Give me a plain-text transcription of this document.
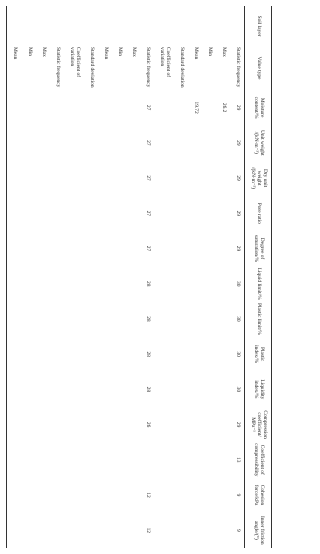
Soil layer	Value type	Moisture content/%	Unit weight /(kN·m⁻³)	Dry unit weight /(kN·m⁻³)	Pore ratio	Degree of saturation/%	Liquid limit/%	Plastic limit/%	Plastic index/%	Liquidity index/%	Compression coefficient/ MPa⁻¹	Coefficient of compressibility	Cohesion force/kPa	Inner friction angle/(°)
	Statistic frequency	29	29	29	29	29	30	30	30	30	29	13	9	9
	Max	26.2												
	Min													
	Mean	19.72												
	Standard deviation													
	Coefficient of variation													
	Statistic frequency	27	27	27	27	27	28	28	28	28	26		12	12
	Max													
	Min													
	Mean													
	Standard deviation													
	Coefficient of variation													
	Statistic frequency													
	Max													
	Min													
	Mean													
